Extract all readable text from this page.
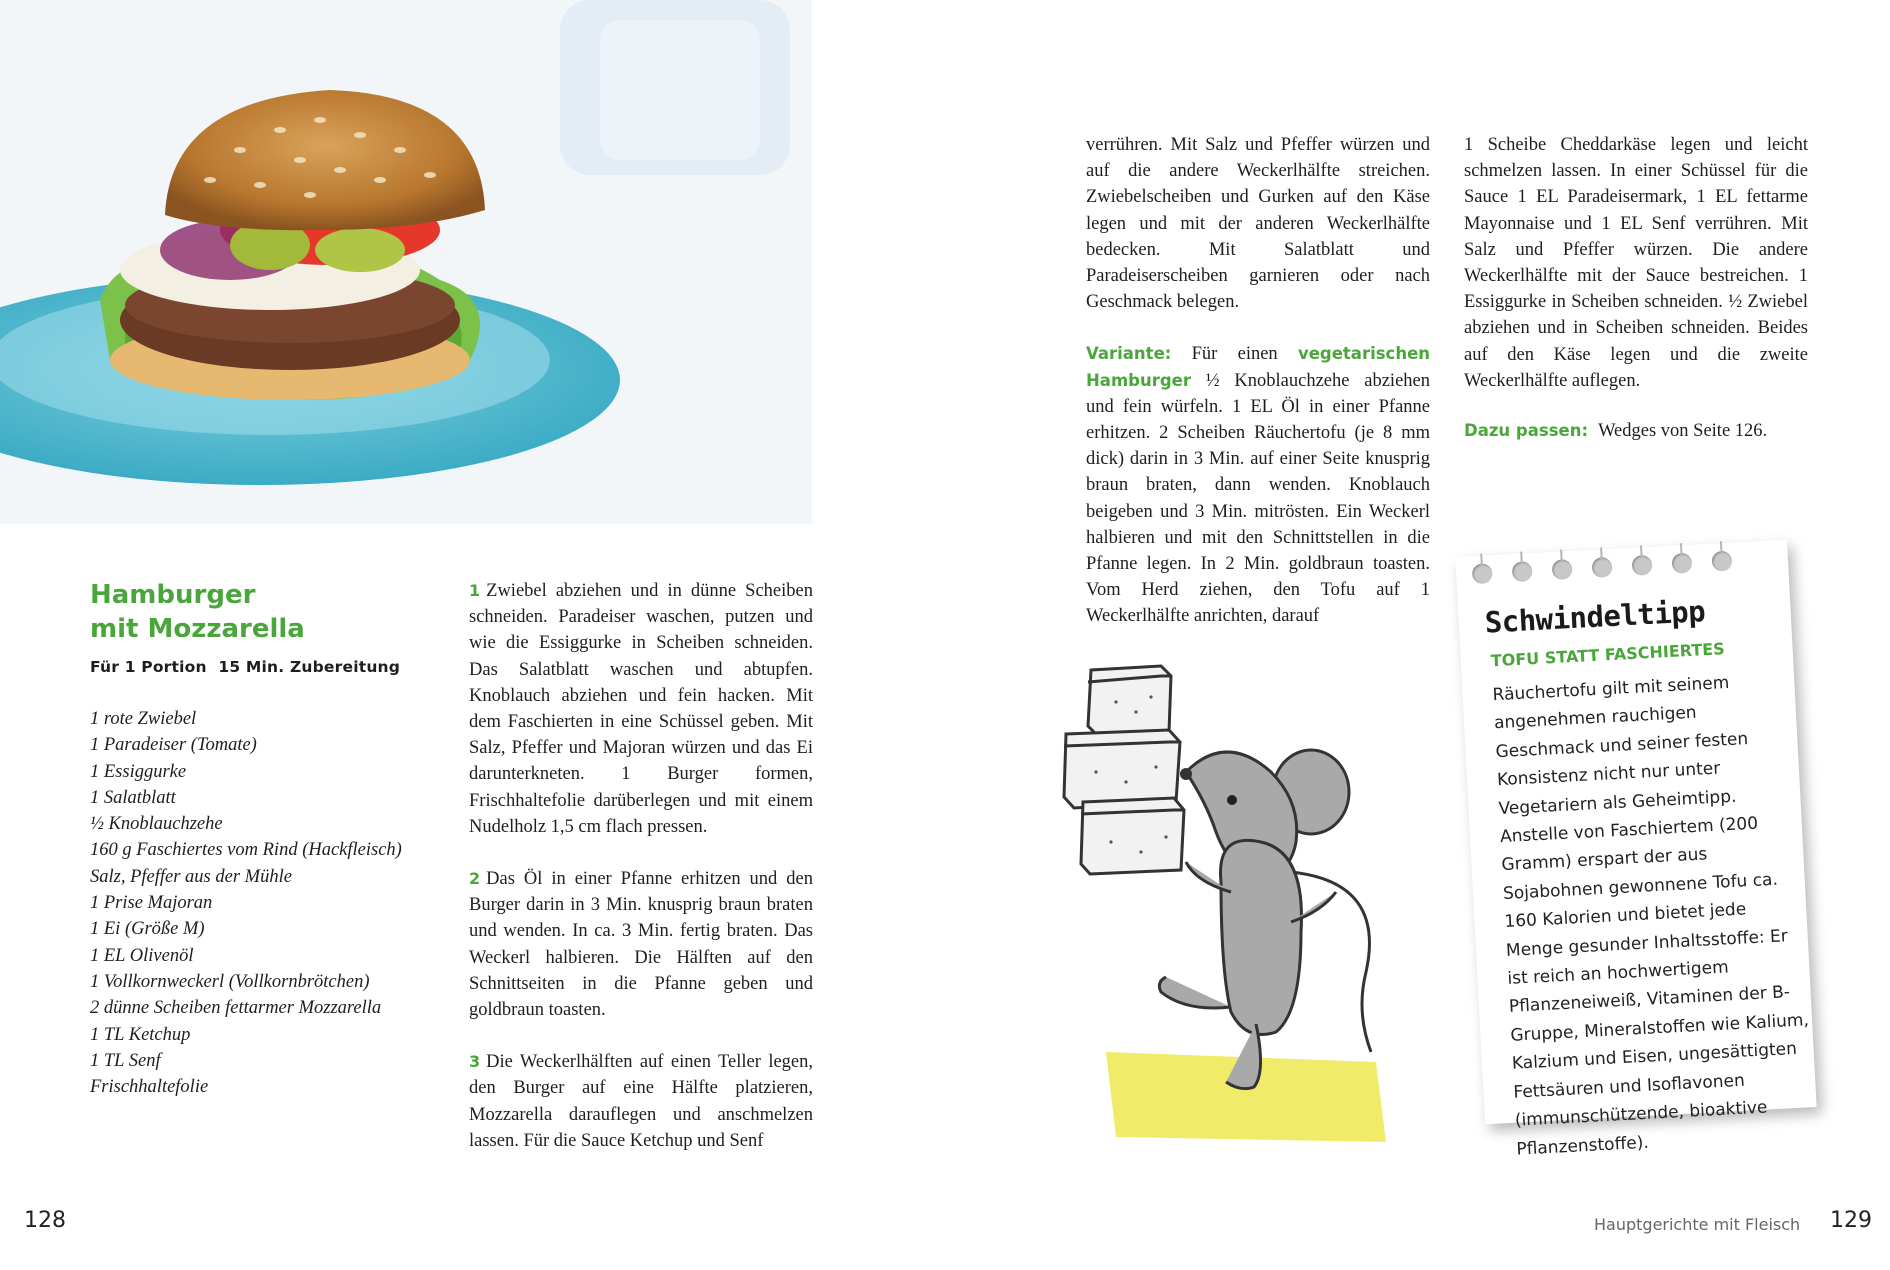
Hamburger
mit Mozzarella
Für 1 Portion 15 Min. Zubereitung
1 rote Zwiebel
1 Paradeiser (Tomate)
1 Essiggurke
1 Salatblatt
½ Knoblauchzehe
160 g Faschiertes vom Rind (Hackfleisch)
Salz, Pfeffer aus der Mühle
1 Prise Majoran
1 Ei (Größe M)
1 EL Olivenöl
1 Vollkornweckerl (Vollkornbrötchen)
2 dünne Scheiben fettarmer Mozzarella
1 TL Ketchup
1 TL Senf
Frischhaltefolie

1 Zwiebel abziehen und in dünne Scheiben schneiden. Paradeiser waschen, putzen und wie die Essiggurke in Scheiben schneiden. Das Salatblatt waschen und abtupfen. Knoblauch abziehen und fein hacken. Mit dem Faschierten in eine Schüssel geben. Mit Salz, Pfeffer und Majoran würzen und das Ei darunterkneten. 1 Burger formen, Frischhaltefolie darüberlegen und mit einem Nudelholz 1,5 cm flach pressen.

2 Das Öl in einer Pfanne erhitzen und den Burger darin in 3 Min. knusprig braun braten und wenden. In ca. 3 Min. fertig braten. Das Weckerl halbieren. Die Hälften auf den Schnittseiten in die Pfanne geben und goldbraun toasten.

3 Die Weckerlhälften auf einen Teller legen, den Burger auf eine Hälfte platzieren, Mozzarella darauflegen und anschmelzen lassen. Für die Sauce Ketchup und Senf

verrühren. Mit Salz und Pfeffer würzen und auf die andere Weckerlhälfte streichen. Zwiebelscheiben und Gurken auf den Käse legen und mit der anderen Weckerlhälfte bedecken. Mit Salatblatt und Paradeiserscheiben garnieren oder nach Geschmack belegen.

Variante: Für einen vegetarischen Hamburger ½ Knoblauchzehe abziehen und fein würfeln. 1 EL Öl in einer Pfanne erhitzen. 2 Scheiben Räuchertofu (je 8 mm dick) darin in 3 Min. auf einer Seite knusprig braun braten, dann wenden. Knoblauch beigeben und 3 Min. mitrösten. Ein Weckerl halbieren und mit den Schnittstellen in die Pfanne legen. In 2 Min. goldbraun toasten. Vom Herd ziehen, den Tofu auf 1 Weckerlhälfte anrichten, darauf

1 Scheibe Cheddarkäse legen und leicht schmelzen lassen. In einer Schüssel für die Sauce 1 EL Paradeisermark, 1 EL fettarme Mayonnaise und 1 EL Senf verrühren. Mit Salz und Pfeffer würzen. Die andere Weckerlhälfte mit der Sauce bestreichen. 1 Essiggurke in Scheiben schneiden. ½ Zwiebel abziehen und in Scheiben schneiden. Beides auf den Käse legen und die zweite Weckerlhälfte auflegen.

Dazu passen: Wedges von Seite 126.
Schwindeltipp
TOFU STATT FASCHIERTES
Räuchertofu gilt mit seinem angenehmen rauchigen Geschmack und seiner festen Konsistenz nicht nur unter Vegetariern als Geheimtipp. Anstelle von Faschiertem (200 Gramm) erspart der aus Sojabohnen gewonnene Tofu ca. 160 Kalorien und bietet jede Menge gesunder Inhaltsstoffe: Er ist reich an hochwertigem Pflanzeneiweiß, Vitaminen der B-Gruppe, Mineralstoffen wie Kalium, Kalzium und Eisen, ungesättigten Fettsäuren und Isoflavonen (immunschützende, bioaktive Pflanzenstoffe).
128	Hauptgerichte mit Fleisch 129
